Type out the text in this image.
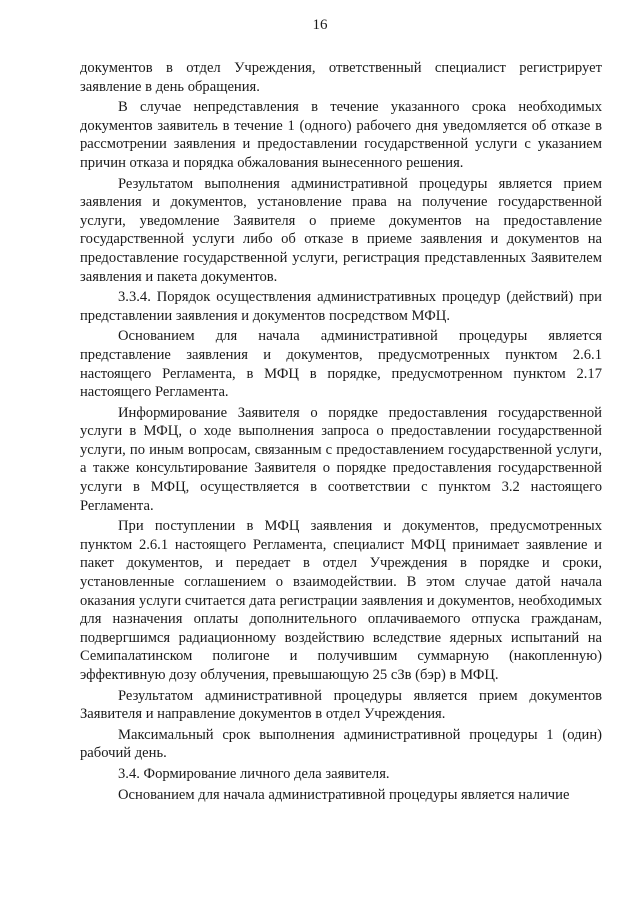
16

документов в отдел Учреждения, ответственный специалист регистрирует заявление в день обращения.

В случае непредставления в течение указанного срока необходимых документов заявитель в течение 1 (одного) рабочего дня уведомляется об отказе в рассмотрении заявления и предоставлении государственной услуги с указанием причин отказа и порядка обжалования вынесенного решения.

Результатом выполнения административной процедуры является прием заявления и документов, установление права на получение государственной услуги, уведомление Заявителя о приеме документов на предоставление государственной услуги либо об отказе в приеме заявления и документов на предоставление государственной услуги, регистрация представленных Заявителем заявления и пакета документов.

3.3.4. Порядок осуществления административных процедур (действий) при представлении заявления и документов посредством МФЦ.

Основанием для начала административной процедуры является представление заявления и документов, предусмотренных пунктом 2.6.1 настоящего Регламента, в МФЦ в порядке, предусмотренном пунктом 2.17 настоящего Регламента.

Информирование Заявителя о порядке предоставления государственной услуги в МФЦ, о ходе выполнения запроса о предоставлении государственной услуги, по иным вопросам, связанным с предоставлением государственной услуги, а также консультирование Заявителя о порядке предоставления государственной услуги в МФЦ, осуществляется в соответствии с пунктом 3.2 настоящего Регламента.

При поступлении в МФЦ заявления и документов, предусмотренных пунктом 2.6.1 настоящего Регламента, специалист МФЦ принимает заявление и пакет документов, и передает в отдел Учреждения в порядке и сроки, установленные соглашением о взаимодействии. В этом случае датой начала оказания услуги считается дата регистрации заявления и документов, необходимых для назначения оплаты дополнительного оплачиваемого отпуска гражданам, подвергшимся радиационному воздействию вследствие ядерных испытаний на Семипалатинском полигоне и получившим суммарную (накопленную) эффективную дозу облучения, превышающую 25 сЗв (бэр) в МФЦ.

Результатом административной процедуры является прием документов Заявителя и направление документов в отдел Учреждения.

Максимальный срок выполнения административной процедуры 1 (один) рабочий день.

3.4. Формирование личного дела заявителя.

Основанием для начала административной процедуры является наличие
